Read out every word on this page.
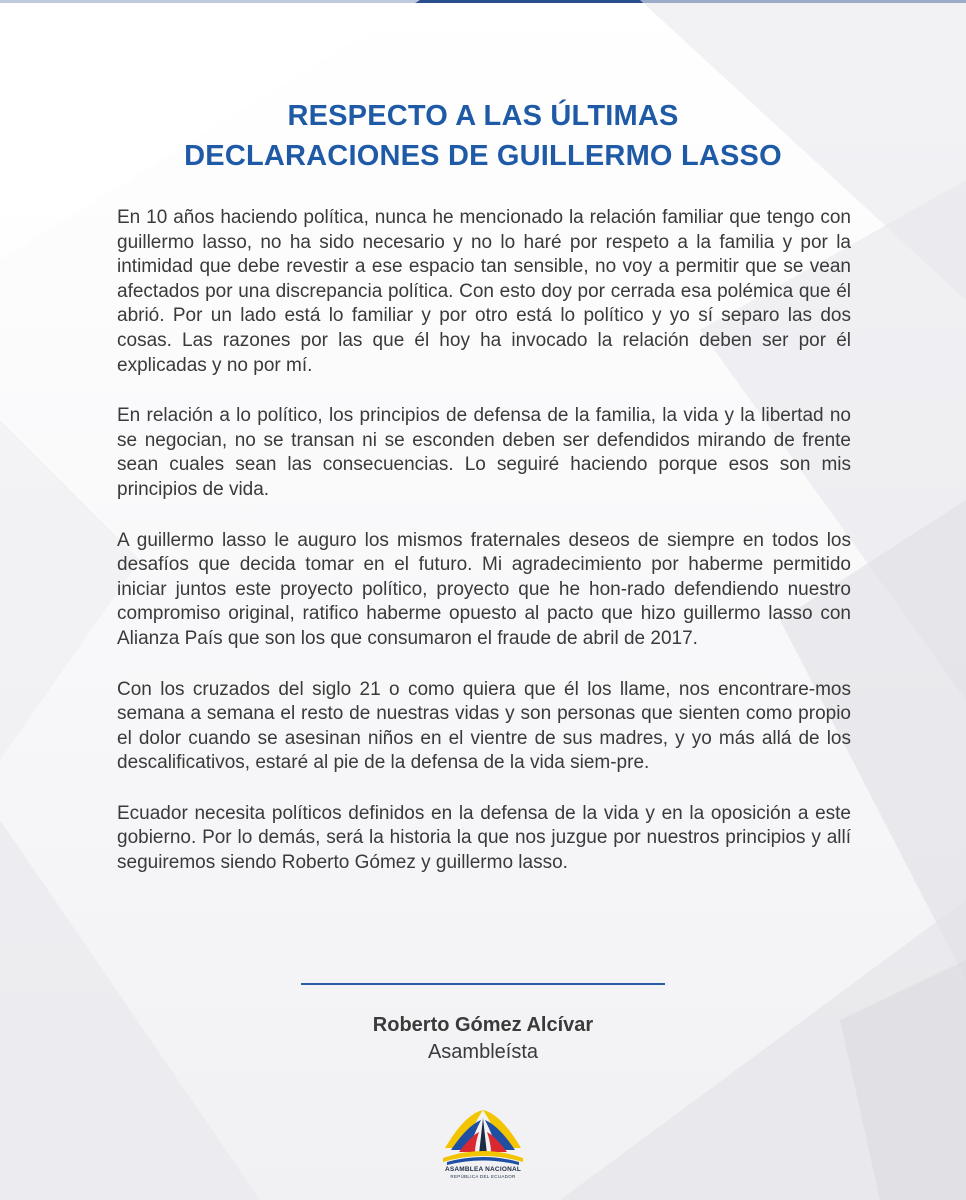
RESPECTO A LAS ÚLTIMAS
DECLARACIONES DE GUILLERMO LASSO

En 10 años haciendo política, nunca he mencionado la relación familiar que tengo con guillermo lasso, no ha sido necesario y no lo haré por respeto a la familia y por la intimidad que debe revestir a ese espacio tan sensible, no voy a permitir que se vean afectados por una discrepancia política. Con esto doy por cerrada esa polémica que él abrió. Por un lado está lo familiar y por otro está lo político y yo sí separo las dos cosas. Las razones por las que él hoy ha invocado la relación deben ser por él explicadas y no por mí.

En relación a lo político, los principios de defensa de la familia, la vida y la libertad no se negocian, no se transan ni se esconden deben ser defendidos mirando de frente sean cuales sean las consecuencias. Lo seguiré haciendo porque esos son mis principios de vida.

A guillermo lasso le auguro los mismos fraternales deseos de siempre en todos los desafíos que decida tomar en el futuro. Mi agradecimiento por haberme permitido iniciar juntos este proyecto político, proyecto que he hon-rado defendiendo nuestro compromiso original, ratifico haberme opuesto al pacto que hizo guillermo lasso con Alianza País que son los que consumaron el fraude de abril de 2017.

Con los cruzados del siglo 21 o como quiera que él los llame, nos encontrare-mos semana a semana el resto de nuestras vidas y son personas que sienten como propio el dolor cuando se asesinan niños en el vientre de sus madres, y yo más allá de los descalificativos, estaré al pie de la defensa de la vida siem-pre.

Ecuador necesita políticos definidos en la defensa de la vida y en la oposición a este gobierno. Por lo demás, será la historia la que nos juzgue por nuestros principios y allí seguiremos siendo Roberto Gómez y guillermo lasso.

Roberto Gómez Alcívar
Asambleísta
ASAMBLEA NACIONAL
REPÚBLICA DEL ECUADOR
